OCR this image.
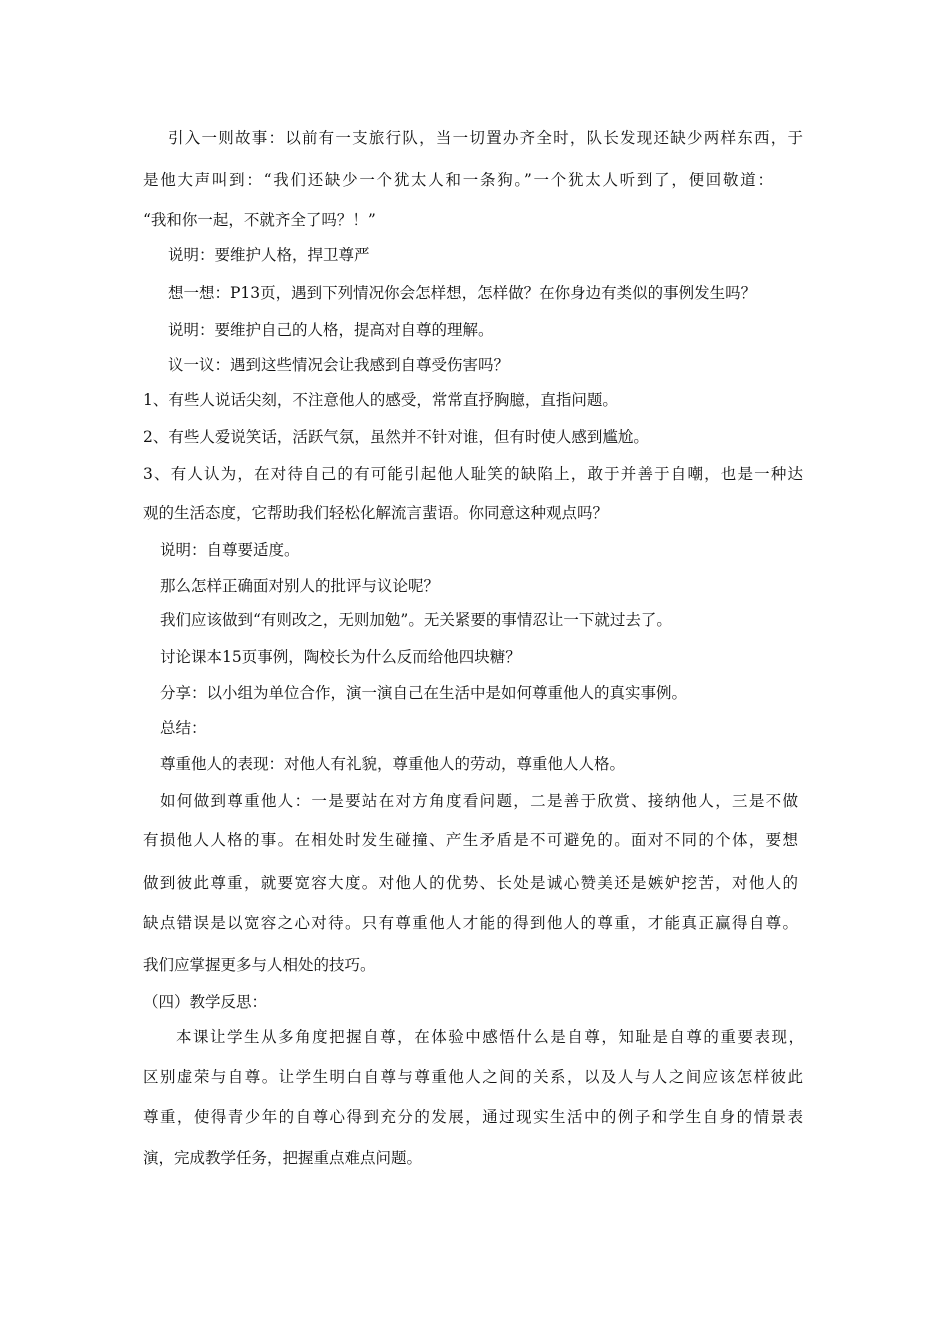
引入一则故事：以前有一支旅行队，当一切置办齐全时，队长发现还缺少两样东西，于
是他大声叫到：“我们还缺少一个犹太人和一条狗。”一个犹太人听到了，便回敬道：
“我和你一起，不就齐全了吗？！”
说明：要维护人格，捍卫尊严
想一想：P13页，遇到下列情况你会怎样想，怎样做？在你身边有类似的事例发生吗？
说明：要维护自己的人格，提高对自尊的理解。
议一议：遇到这些情况会让我感到自尊受伤害吗？
1、有些人说话尖刻，不注意他人的感受，常常直抒胸臆，直指问题。
2、有些人爱说笑话，活跃气氛，虽然并不针对谁，但有时使人感到尴尬。
3、有人认为，在对待自己的有可能引起他人耻笑的缺陷上，敢于并善于自嘲，也是一种达
观的生活态度，它帮助我们轻松化解流言蜚语。你同意这种观点吗？
说明：自尊要适度。
那么怎样正确面对别人的批评与议论呢？
我们应该做到“有则改之，无则加勉”。无关紧要的事情忍让一下就过去了。
讨论课本15页事例，陶校长为什么反而给他四块糖？
分享：以小组为单位合作，演一演自己在生活中是如何尊重他人的真实事例。
总结：
尊重他人的表现：对他人有礼貌，尊重他人的劳动，尊重他人人格。
如何做到尊重他人：一是要站在对方角度看问题，二是善于欣赏、接纳他人，三是不做
有损他人人格的事。在相处时发生碰撞、产生矛盾是不可避免的。面对不同的个体，要想
做到彼此尊重，就要宽容大度。对他人的优势、长处是诚心赞美还是嫉妒挖苦，对他人的
缺点错误是以宽容之心对待。只有尊重他人才能的得到他人的尊重，才能真正赢得自尊。
我们应掌握更多与人相处的技巧。
（四）教学反思：
本课让学生从多角度把握自尊，在体验中感悟什么是自尊，知耻是自尊的重要表现，
区别虚荣与自尊。让学生明白自尊与尊重他人之间的关系，以及人与人之间应该怎样彼此
尊重，使得青少年的自尊心得到充分的发展，通过现实生活中的例子和学生自身的情景表
演，完成教学任务，把握重点难点问题。
